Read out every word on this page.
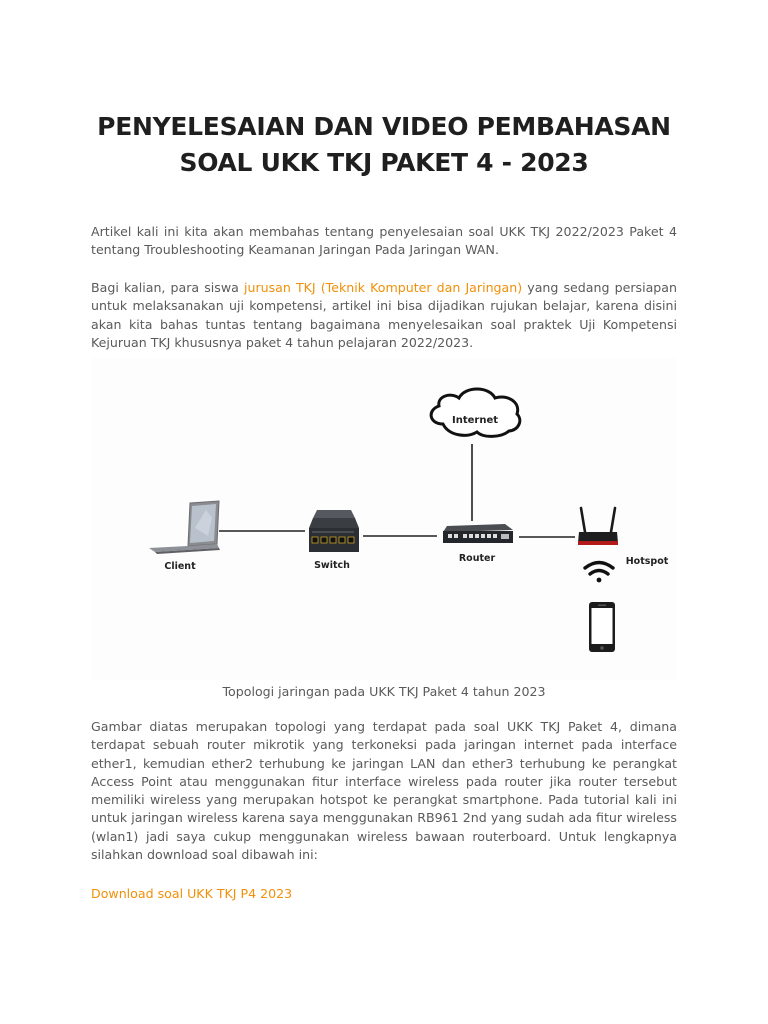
PENYELESAIAN DAN VIDEO PEMBAHASAN
SOAL UKK TKJ PAKET 4 - 2023

Artikel kali ini kita akan membahas tentang penyelesaian soal UKK TKJ 2022/2023 Paket 4 tentang Troubleshooting Keamanan Jaringan Pada Jaringan WAN.

Bagi kalian, para siswa jurusan TKJ (Teknik Komputer dan Jaringan) yang sedang persiapan untuk melaksanakan uji kompetensi, artikel ini bisa dijadikan rujukan belajar, karena disini akan kita bahas tuntas tentang bagaimana menyelesaikan soal praktek Uji Kompetensi Kejuruan TKJ khususnya paket 4 tahun pelajaran 2022/2023.

Internet
Client	Switch
Router	Hotspot
Topologi jaringan pada UKK TKJ Paket 4 tahun 2023

Gambar diatas merupakan topologi yang terdapat pada soal UKK TKJ Paket 4, dimana terdapat sebuah router mikrotik yang terkoneksi pada jaringan internet pada interface ether1, kemudian ether2 terhubung ke jaringan LAN dan ether3 terhubung ke perangkat Access Point atau menggunakan fitur interface wireless pada router jika router tersebut memiliki wireless yang merupakan hotspot ke perangkat smartphone. Pada tutorial kali ini untuk jaringan wireless karena saya menggunakan RB961 2nd yang sudah ada fitur wireless (wlan1) jadi saya cukup menggunakan wireless bawaan routerboard. Untuk lengkapnya silahkan download soal dibawah ini:

Download soal UKK TKJ P4 2023
